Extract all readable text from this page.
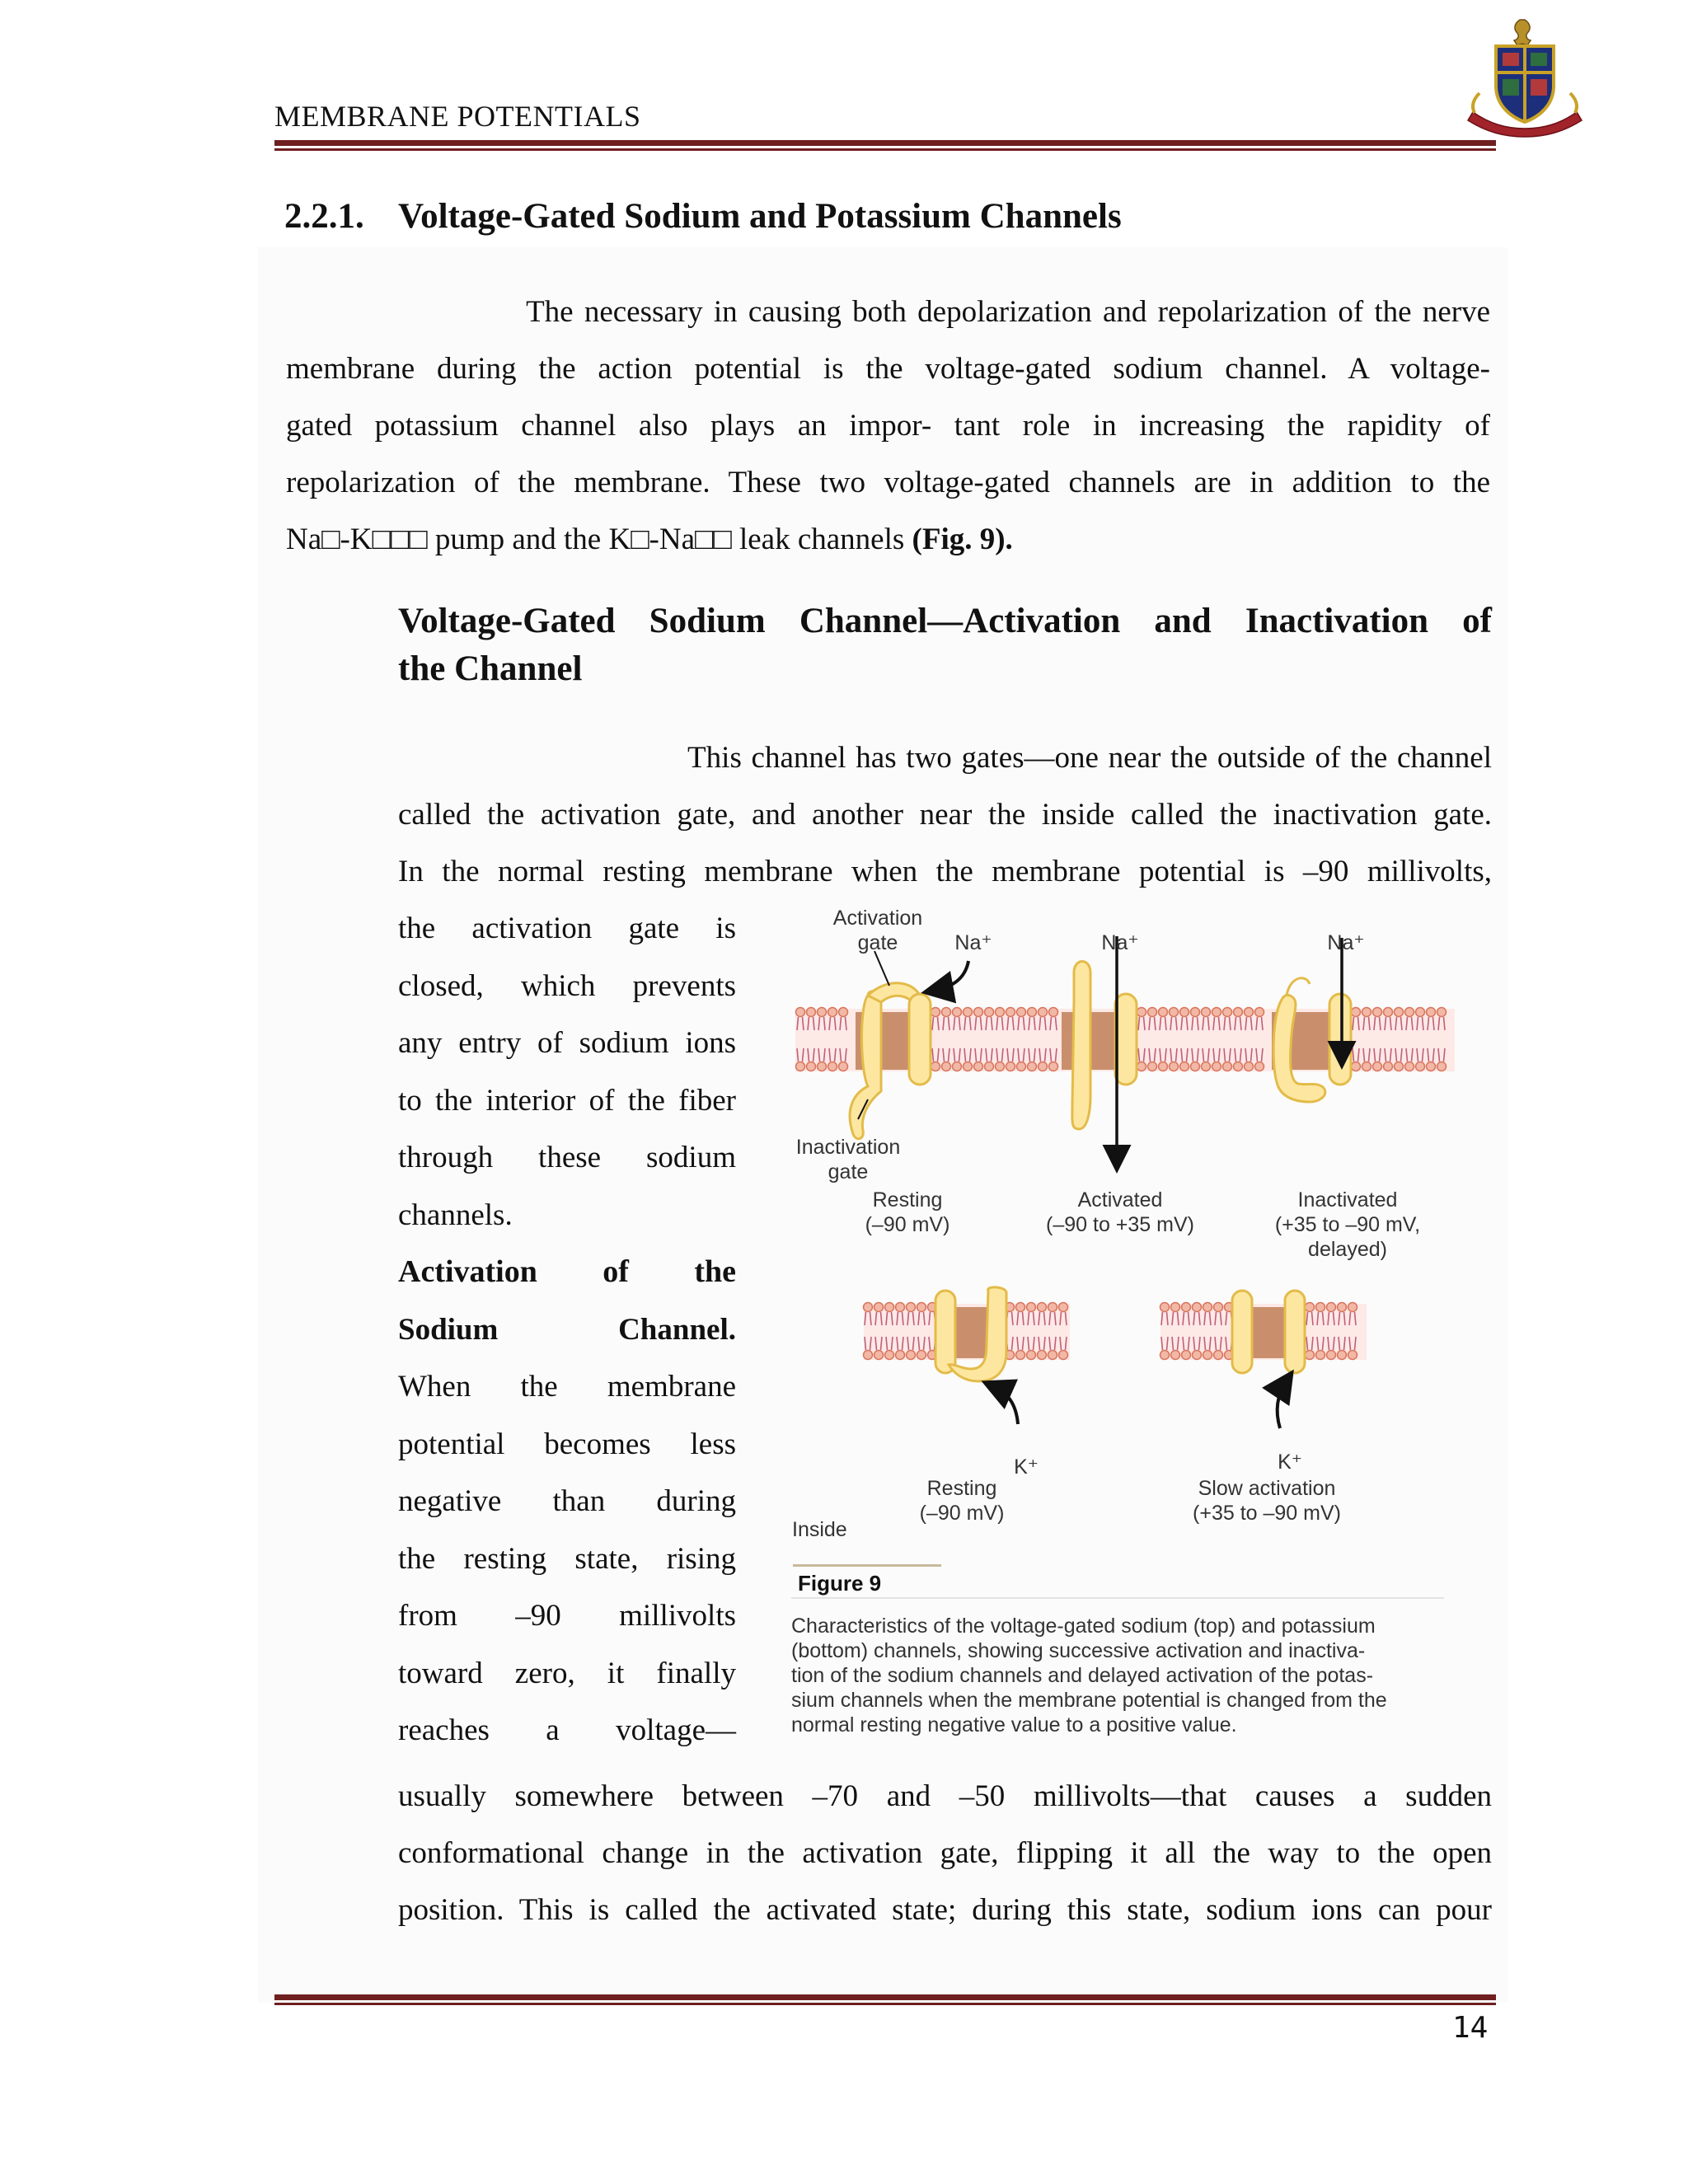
MEMBRANE POTENTIALS
2.2.1. Voltage-Gated Sodium and Potassium Channels
The necessary in causing both depolarization and repolarization of the nerve
membrane during the action potential is the voltage-gated sodium channel. A voltage-
gated potassium channel also plays an impor- tant role in increasing the rapidity of
repolarization of the membrane. These two voltage-gated channels are in addition to the
Na□-K□□□ pump and the K□-Na□□ leak channels (Fig. 9).
Voltage-Gated Sodium Channel—Activation and Inactivation of
the Channel
This channel has two gates—one near the outside of the channel
called the activation gate, and another near the inside called the inactivation gate.
In the normal resting membrane when the membrane potential is –90 millivolts,
the activation gate is
closed, which prevents
any entry of sodium ions
to the interior of the fiber
through these sodium
channels.
Activation of the
Sodium Channel.
When the membrane
potential becomes less
negative than during
the resting state, rising
from –90 millivolts
toward zero, it finally
reaches a voltage—
usually somewhere between –70 and –50 millivolts—that causes a sudden
conformational change in the activation gate, flipping it all the way to the open
position. This is called the activated state; during this state, sodium ions can pour
Activation
gate	Na⁺	Na⁺	Na⁺
Inactivation
gate
Resting
(–90 mV)
Activated
(–90 to +35 mV)
Inactivated
(+35 to –90 mV,
delayed)
K⁺	K⁺
Resting
(–90 mV)
Slow activation
(+35 to –90 mV)
Inside
Figure 9
Characteristics of the voltage-gated sodium (top) and potassium
(bottom) channels, showing successive activation and inactiva-
tion of the sodium channels and delayed activation of the potas-
sium channels when the membrane potential is changed from the
normal resting negative value to a positive value.
14
